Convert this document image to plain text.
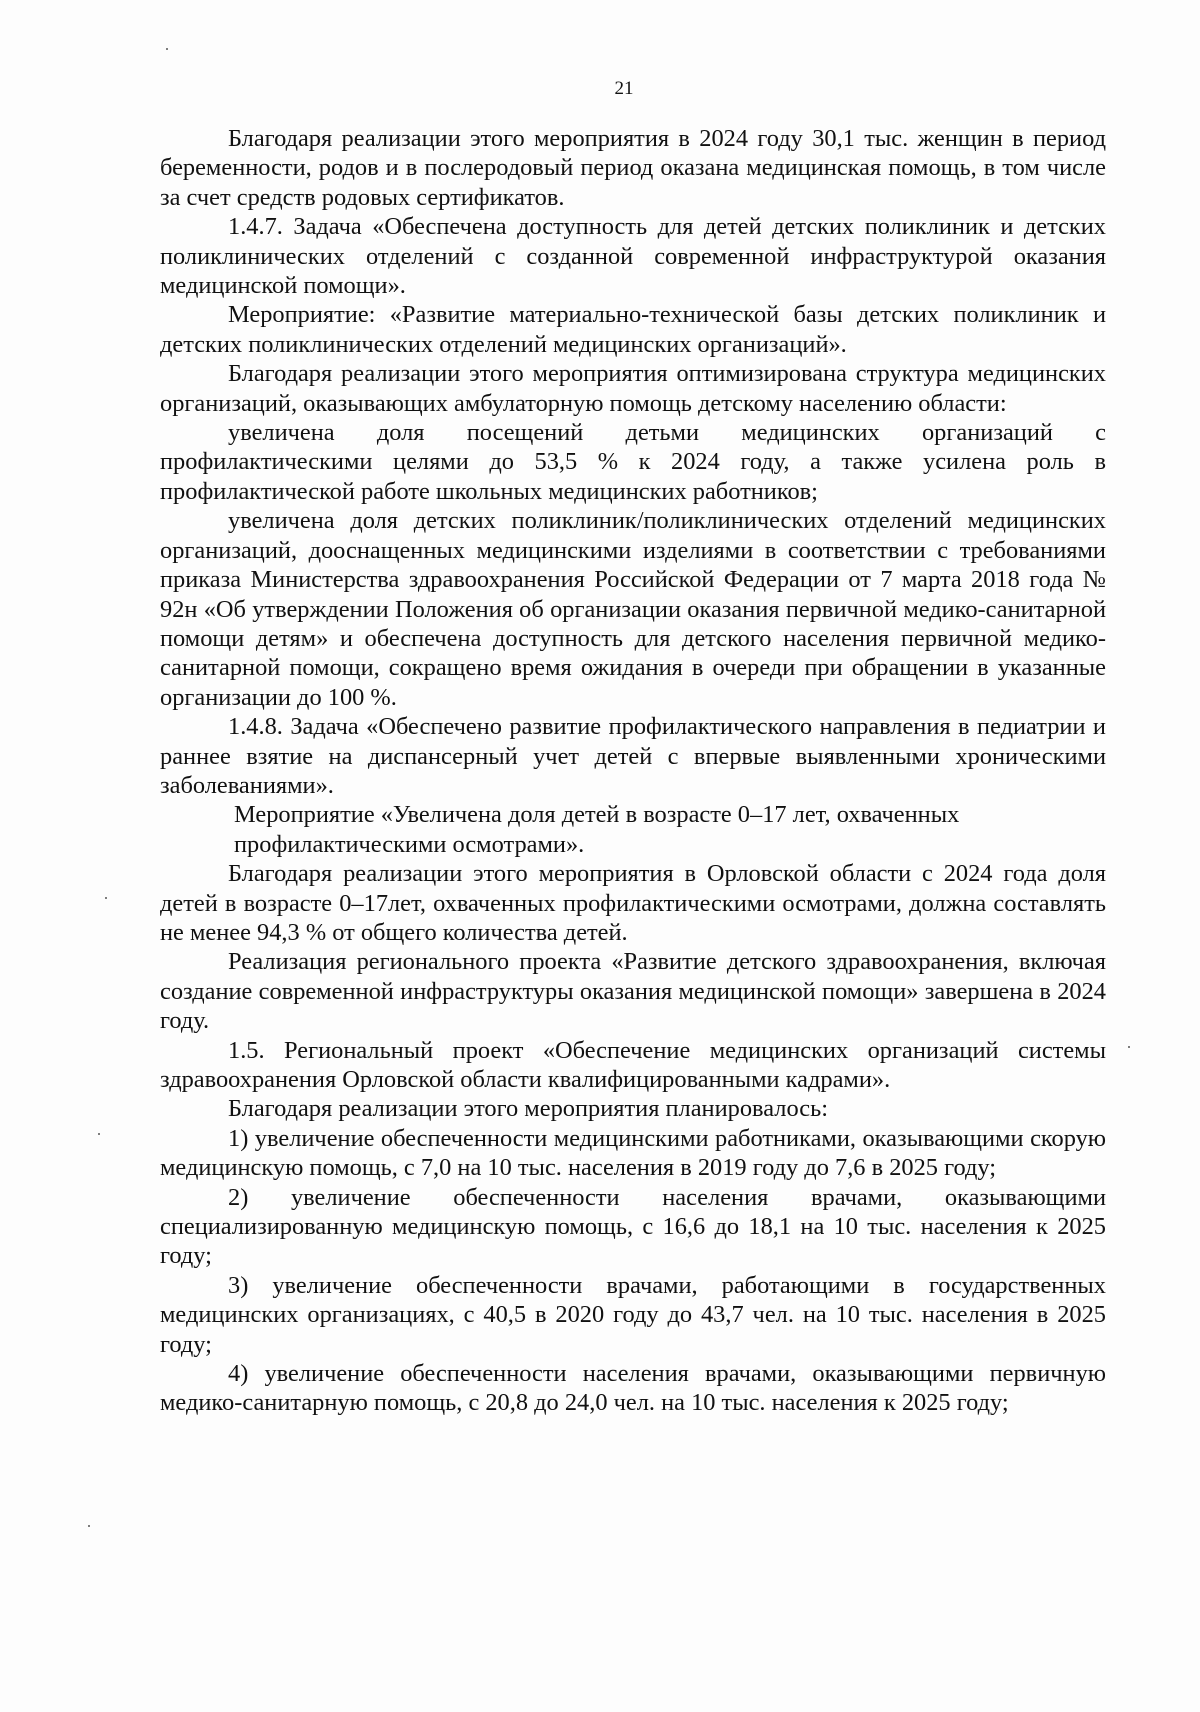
21

Благодаря реализации этого мероприятия в 2024 году 30,1 тыс. женщин в период беременности, родов и в послеродовый период оказана медицинская помощь, в том числе за счет средств родовых сертификатов.

1.4.7. Задача «Обеспечена доступность для детей детских поликлиник и детских поликлинических отделений с созданной современной инфраструктурой оказания медицинской помощи».

Мероприятие: «Развитие материально-технической базы детских поликлиник и детских поликлинических отделений медицинских организаций».

Благодаря реализации этого мероприятия оптимизирована структура медицинских организаций, оказывающих амбулаторную помощь детскому населению области:

увеличена доля посещений детьми медицинских организаций с профилактическими целями до 53,5 % к 2024 году, а также усилена роль в профилактической работе школьных медицинских работников;

увеличена доля детских поликлиник/поликлинических отделений медицинских организаций, дооснащенных медицинскими изделиями в соответствии с требованиями приказа Министерства здравоохранения Российской Федерации от 7 марта 2018 года № 92н «Об утверждении Положения об организации оказания первичной медико-санитарной помощи детям» и обеспечена доступность для детского населения первичной медико-санитарной помощи, сокращено время ожидания в очереди при обращении в указанные организации до 100 %.

1.4.8. Задача «Обеспечено развитие профилактического направления в педиатрии и раннее взятие на диспансерный учет детей с впервые выявленными хроническими заболеваниями».

Мероприятие «Увеличена доля детей в возрасте 0–17 лет, охваченных профилактическими осмотрами».

Благодаря реализации этого мероприятия в Орловской области с 2024 года доля детей в возрасте 0–17лет, охваченных профилактическими осмотрами, должна составлять не менее 94,3 % от общего количества детей.

Реализация регионального проекта «Развитие детского здравоохранения, включая создание современной инфраструктуры оказания медицинской помощи» завершена в 2024 году.

1.5. Региональный проект «Обеспечение медицинских организаций системы здравоохранения Орловской области квалифицированными кадрами».

Благодаря реализации этого мероприятия планировалось:

1) увеличение обеспеченности медицинскими работниками, оказывающими скорую медицинскую помощь, с 7,0 на 10 тыс. населения в 2019 году до 7,6 в 2025 году;

2) увеличение обеспеченности населения врачами, оказывающими специализированную медицинскую помощь, с 16,6 до 18,1 на 10 тыс. населения к 2025 году;

3) увеличение обеспеченности врачами, работающими в государственных медицинских организациях, с 40,5 в 2020 году до 43,7 чел. на 10 тыс. населения в 2025 году;

4) увеличение обеспеченности населения врачами, оказывающими первичную медико-санитарную помощь, с 20,8 до 24,0 чел. на 10 тыс. населения к 2025 году;
